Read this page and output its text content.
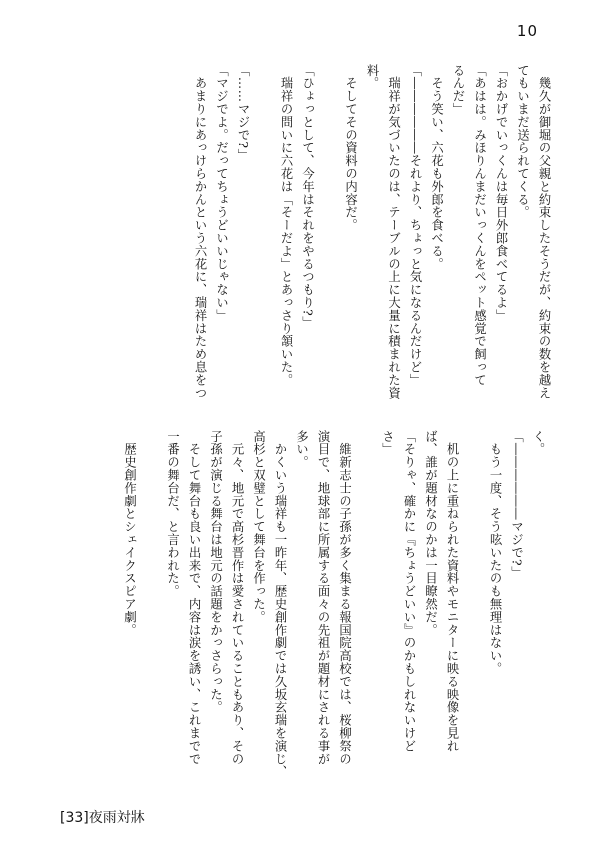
10

　幾久が御堀の父親と約束したそうだが、約束の数を越え

てもいまだ送られてくる。

「おかげでいっくんは毎日外郎食べてるよ」

「あはは。みほりんまだいっくんをペット感覚で飼って

るんだ」

　そう笑い、六花も外郎を食べる。

「――――――それより、ちょっと気になるんだけど」

　瑞祥が気づいたのは、テーブルの上に大量に積まれた資

料。

　そしてその資料の内容だ。

「ひょっとして、今年はそれをやるつもり?」

　瑞祥の問いに六花は「そーだよ」とあっさり頷いた。

「……マジで?」

「マジでよ。だってちょうどいいじゃない」

　あまりにあっけらかんという六花に、瑞祥はため息をつ

く。

「――――――マジで?」

　もう一度、そう呟いたのも無理はない。

　机の上に重ねられた資料やモニターに映る映像を見れ

ば、誰が題材なのかは一目瞭然だ。

「そりゃ、確かに『ちょうどいい』のかもしれないけど

さ」

　維新志士の子孫が多く集まる報国院高校では、桜柳祭の

演目で、地球部に所属する面々の先祖が題材にされる事が

多い。

　かくいう瑞祥も一昨年、歴史創作劇では久坂玄瑞を演じ、

高杉と双璧として舞台を作った。

　元々、地元で高杉晋作は愛されていることもあり、その

子孫が演じる舞台は地元の話題をかっさらった。

　そして舞台も良い出来で、内容は涙を誘い、これまでで

一番の舞台だ、と言われた。

　歴史創作劇とシェイクスピア劇。

[33]夜雨対牀
